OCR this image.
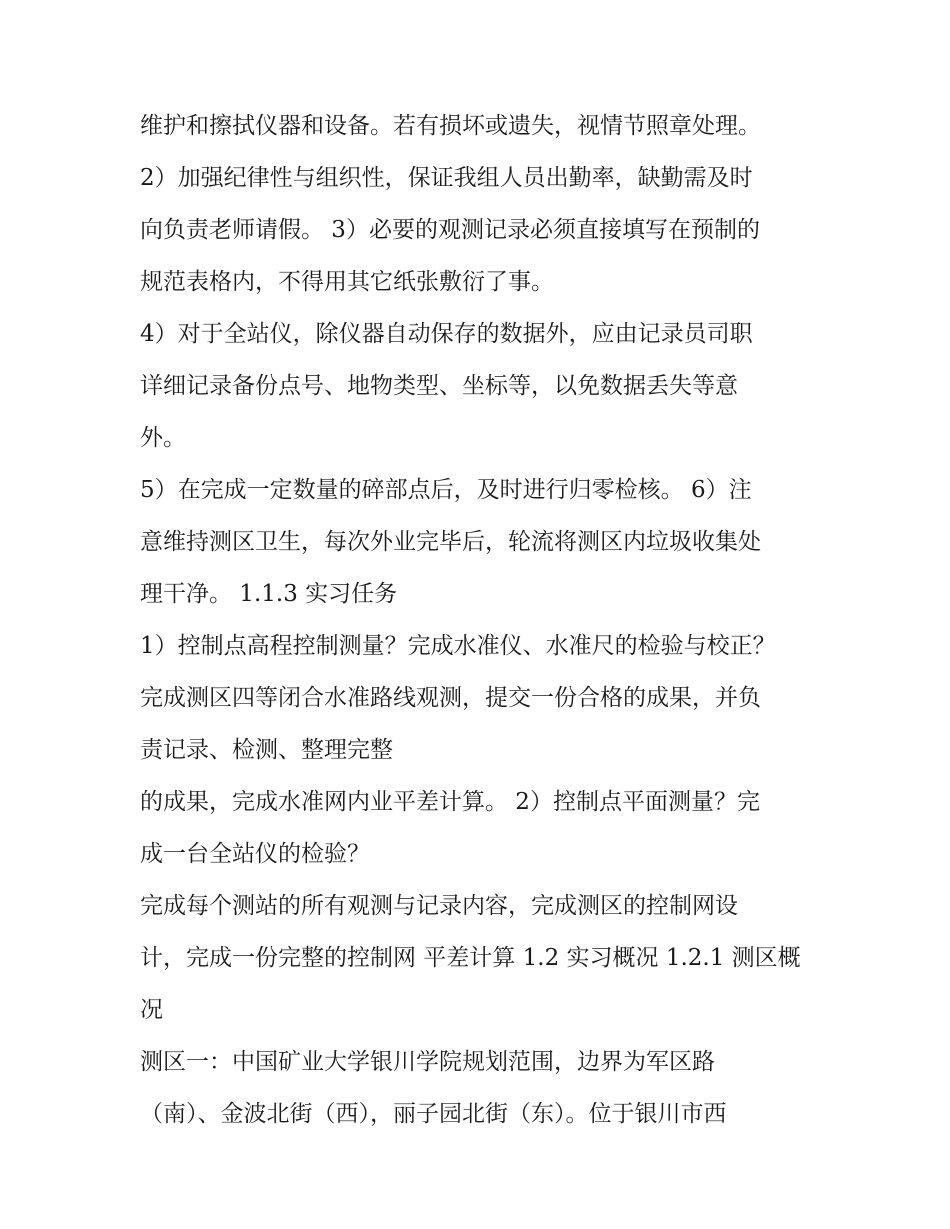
维护和擦拭仪器和设备。若有损坏或遗失，视情节照章处理。
2）加强纪律性与组织性，保证我组人员出勤率，缺勤需及时
向负责老师请假。 3）必要的观测记录必须直接填写在预制的
规范表格内，不得用其它纸张敷衍了事。
4）对于全站仪，除仪器自动保存的数据外，应由记录员司职
详细记录备份点号、地物类型、坐标等，以免数据丢失等意
外。
5）在完成一定数量的碎部点后，及时进行归零检核。 6）注
意维持测区卫生，每次外业完毕后，轮流将测区内垃圾收集处
理干净。 1.1.3 实习任务
1）控制点高程控制测量？完成水准仪、水准尺的检验与校正？
完成测区四等闭合水准路线观测，提交一份合格的成果，并负
责记录、检测、整理完整
的成果，完成水准网内业平差计算。 2）控制点平面测量？完
成一台全站仪的检验？
完成每个测站的所有观测与记录内容，完成测区的控制网设
计，完成一份完整的控制网 平差计算 1.2 实习概况 1.2.1 测区概
况
测区一：中国矿业大学银川学院规划范围，边界为军区路
（南）、金波北街（西），丽子园北街（东）。位于银川市西
